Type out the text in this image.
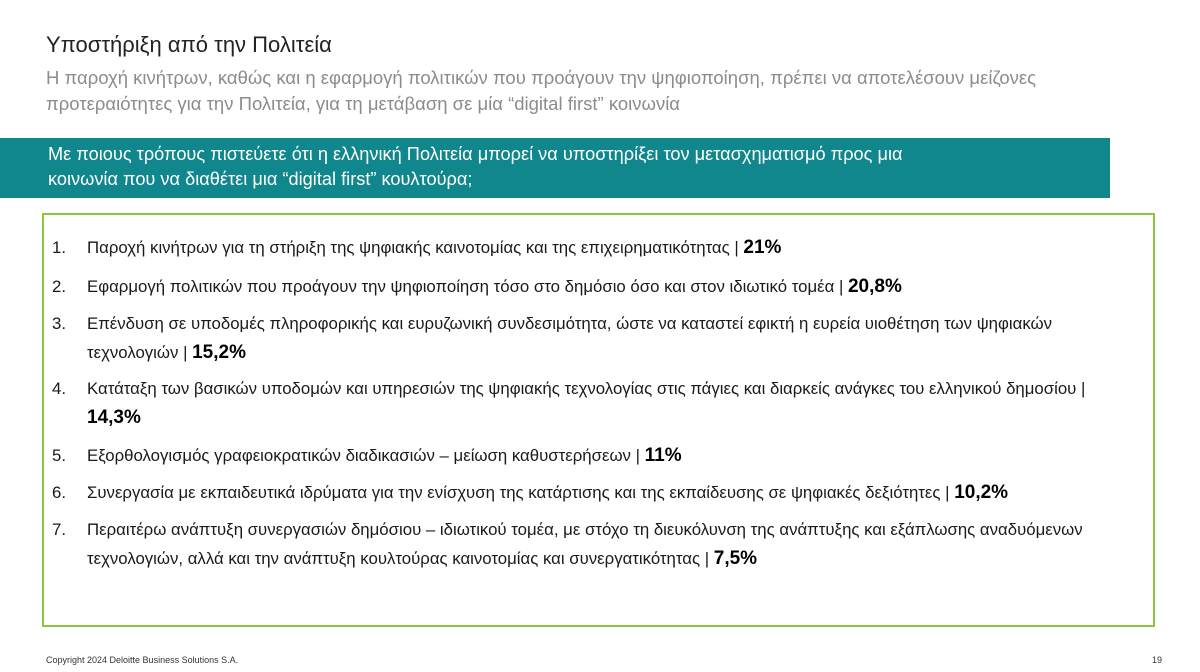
Υποστήριξη από την Πολιτεία
Η παροχή κινήτρων, καθώς και η εφαρμογή πολιτικών που προάγουν την ψηφιοποίηση, πρέπει να αποτελέσουν μείζονες προτεραιότητες για την Πολιτεία, για τη μετάβαση σε μία “digital first” κοινωνία
Με ποιους τρόπους πιστεύετε ότι η ελληνική Πολιτεία μπορεί να υποστηρίξει τον μετασχηματισμό προς μια
κοινωνία που να διαθέτει μια “digital first” κουλτούρα;
1.	Παροχή κινήτρων για τη στήριξη της ψηφιακής καινοτομίας και της επιχειρηματικότητας | 21%
2.	Εφαρμογή πολιτικών που προάγουν την ψηφιοποίηση τόσο στο δημόσιο όσο και στον ιδιωτικό τομέα | 20,8%
3.	Επένδυση σε υποδομές πληροφορικής και ευρυζωνική συνδεσιμότητα, ώστε να καταστεί εφικτή η ευρεία υιοθέτηση των ψηφιακών τεχνολογιών | 15,2%
4.	Κατάταξη των βασικών υποδομών και υπηρεσιών της ψηφιακής τεχνολογίας στις πάγιες και διαρκείς ανάγκες του ελληνικού δημοσίου | 14,3%
5.	Εξορθολογισμός γραφειοκρατικών διαδικασιών – μείωση καθυστερήσεων | 11%
6.	Συνεργασία με εκπαιδευτικά ιδρύματα για την ενίσχυση της κατάρτισης και της εκπαίδευσης σε ψηφιακές δεξιότητες | 10,2%
7.	Περαιτέρω ανάπτυξη συνεργασιών δημόσιου – ιδιωτικού τομέα, με στόχο τη διευκόλυνση της ανάπτυξης και εξάπλωσης αναδυόμενων τεχνολογιών, αλλά και την ανάπτυξη κουλτούρας καινοτομίας και συνεργατικότητας | 7,5%
Copyright 2024 Deloitte Business Solutions S.A.	19
